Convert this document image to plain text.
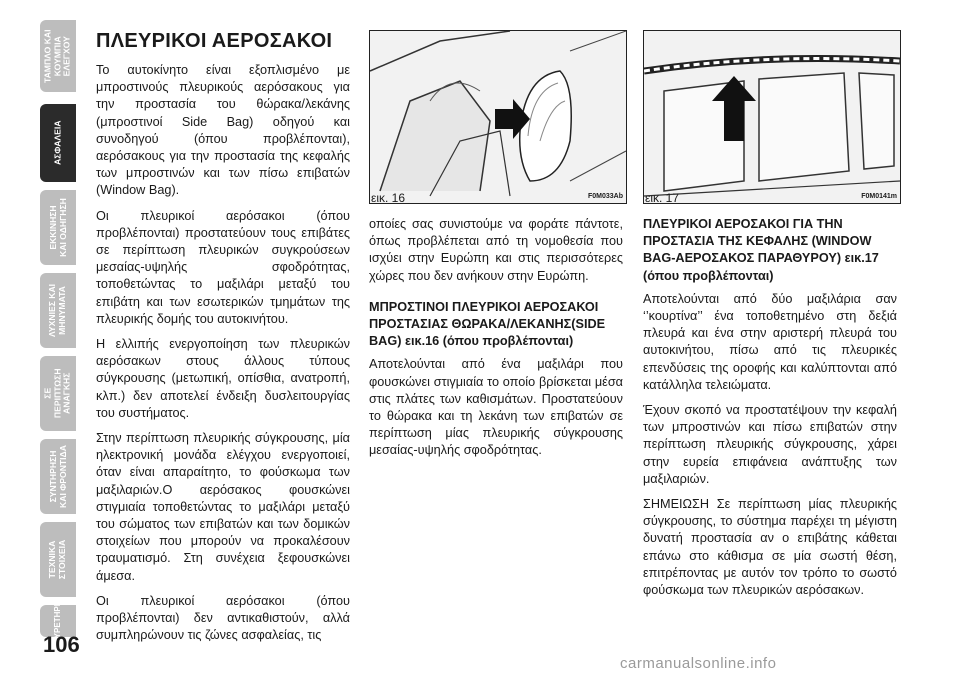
ΤΑΜΠΛΟ ΚΑΙ
ΚΟΥΜΠΙΑ
ΕΛΕΓΧΟΥ
ΑΣΦΑΛΕΙΑ
ΕΚΚΙΝΗΣΗ
ΚΑΙ ΟΔΗΓΗΣΗ
ΛΥΧΝΙΕΣ ΚΑΙ
ΜΗΝΥΜΑΤΑ
ΣΕ
ΠΕΡΙΠΤΩΣΗ
ΑΝΑΓΚΗΣ
ΣΥΝΤΗΡΗΣΗ
ΚΑΙ ΦΡΟΝΤΙΔΑ
ΤΕΧΝΙΚΑ
ΣΤΟΙΧΕΙΑ
ΕΥΡΕΤΗΡΙΟ
106
ΠΛΕΥΡΙΚΟΙ ΑΕΡΟΣΑΚΟΙ

Το αυτοκίνητο είναι εξοπλισμένο με μπροστινούς πλευρικούς αερόσακους για την προστασία του θώρακα/λεκάνης (μπροστινοί Side Bag) οδηγού και συνοδηγού (όπου προβλέπονται), αερόσακους για την προστασία της κεφαλής των μπροστινών και των πίσω επιβατών (Window Bag).

Οι πλευρικοί αερόσακοι (όπου προβλέπονται) προστατεύουν τους επιβάτες σε περίπτωση πλευρικών συγκρούσεων μεσαίας-υψηλής σφοδρότητας, τοποθετώντας το μαξιλάρι μεταξύ του επιβάτη και των εσωτερικών τμημάτων της πλευρικής δομής του αυτοκινήτου.

Η ελλιπής ενεργοποίηση των πλευρικών αερόσακων στους άλλους τύπους σύγκρουσης (μετωπική, οπίσθια, ανατροπή, κλπ.) δεν αποτελεί ένδειξη δυσλειτουργίας του συστήματος.

Στην περίπτωση πλευρικής σύγκρουσης, μία ηλεκτρονική μονάδα ελέγχου ενεργοποιεί, όταν είναι απαραίτητο, το φούσκωμα των μαξιλαριών.Ο αερόσακος φουσκώνει στιγμιαία τοποθετώντας το μαξιλάρι μεταξύ του σώματος των επιβατών και των δομικών στοιχείων που μπορούν να προκαλέσουν τραυματισμό. Στη συνέχεια ξεφουσκώνει άμεσα.

Οι πλευρικοί αερόσακοι (όπου προβλέπονται) δεν αντικαθιστούν, αλλά συμπληρώνουν τις ζώνες ασφαλείας, τις

εικ. 16	F0M033Ab εικ. 17	F0M0141m

οποίες σας συνιστούμε να φοράτε πάντοτε, όπως προβλέπεται από τη νομοθεσία που ισχύει στην Ευρώπη και στις περισσότερες χώρες που δεν ανήκουν στην Ευρώπη.

ΜΠΡΟΣΤΙΝΟΙ ΠΛΕΥΡΙΚΟΙ ΑΕΡΟΣΑΚΟΙ ΠΡΟΣΤΑΣΙΑΣ ΘΩΡΑΚΑ/ΛΕΚΑΝΗΣ(SIDE BAG) εικ.16 (όπου προβλέπονται)

Αποτελούνται από ένα μαξιλάρι που φουσκώνει στιγμιαία το οποίο βρίσκεται μέσα στις πλάτες των καθισμάτων. Προστατεύουν το θώρακα και τη λεκάνη των επιβατών σε περίπτωση μίας πλευρικής σύγκρουσης μεσαίας-υψηλής σφοδρότητας.

ΠΛΕΥΡΙΚΟΙ ΑΕΡΟΣΑΚΟΙ ΓΙΑ ΤΗΝ ΠΡΟΣΤΑΣΙΑ ΤΗΣ ΚΕΦΑΛΗΣ (WINDOW BAG-ΑΕΡΟΣΑΚΟΣ ΠΑΡΑΘΥΡΟΥ) εικ.17 (όπου προβλέπονται)

Αποτελούνται από δύο μαξιλάρια σαν ‘’κουρτίνα’’ ένα τοποθετημένο στη δεξιά πλευρά και ένα στην αριστερή πλευρά του αυτοκινήτου, πίσω από τις πλευρικές επενδύσεις της οροφής και καλύπτονται από κατάλληλα τελειώματα.

Έχουν σκοπό να προστατέψουν την κεφαλή των μπροστινών και πίσω επιβατών στην περίπτωση πλευρικής σύγκρουσης, χάρει στην ευρεία επιφάνεια ανάπτυξης των μαξιλαριών.

ΣΗΜΕΙΩΣΗ Σε περίπτωση μίας πλευρικής σύγκρουσης, το σύστημα παρέχει τη μέγιστη δυνατή προστασία αν ο επιβάτης κάθεται επάνω στο κάθισμα σε μία σωστή θέση, επιτρέποντας με αυτόν τον τρόπο το σωστό φούσκωμα των πλευρικών αερόσακων.

carmanualsonline.info
